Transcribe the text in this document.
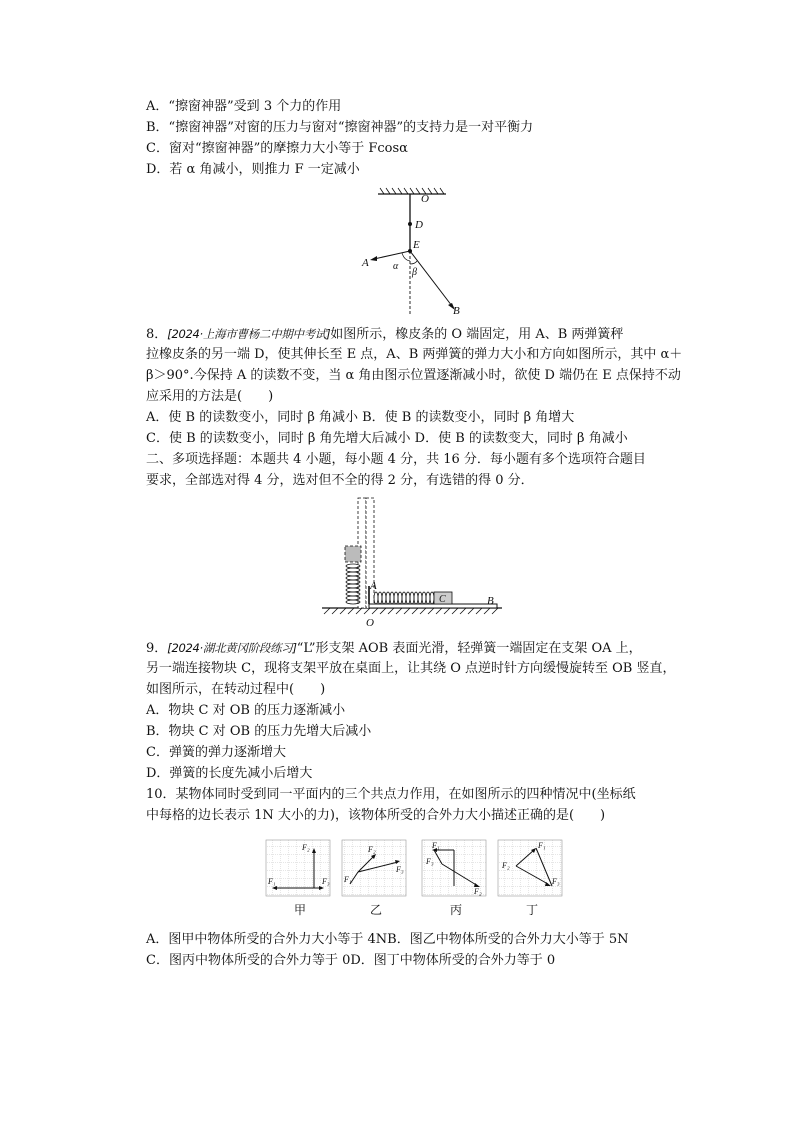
A．“擦窗神器”受到 3 个力的作用
B．“擦窗神器”对窗的压力与窗对“擦窗神器”的支持力是一对平衡力
C．窗对“擦窗神器”的摩擦力大小等于 Fcosα
D．若 α 角减小，则推力 F 一定减小
O
D
E
A
B
α
β
8．[2024·上海市曹杨二中期中考试]如图所示，橡皮条的 O 端固定，用 A、B 两弹簧秤
拉橡皮条的另一端 D，使其伸长至 E 点，A、B 两弹簧的弹力大小和方向如图所示，其中 α＋
β＞90°.今保持 A 的读数不变，当 α 角由图示位置逐渐减小时，欲使 D 端仍在 E 点保持不动
应采用的方法是(　　)
A．使 B 的读数变小，同时 β 角减小 B．使 B 的读数变小，同时 β 角增大
C．使 B 的读数变小，同时 β 角先增大后减小 D．使 B 的读数变大，同时 β 角减小
二、多项选择题：本题共 4 小题，每小题 4 分，共 16 分．每小题有多个选项符合题目
要求，全部选对得 4 分，选对但不全的得 2 分，有选错的得 0 分．
A
C	B
O
9．[2024·湖北黄冈阶段练习]“L”形支架 AOB 表面光滑，轻弹簧一端固定在支架 OA 上，
另一端连接物块 C，现将支架平放在桌面上，让其绕 O 点逆时针方向缓慢旋转至 OB 竖直，
如图所示，在转动过程中(　　)
A．物块 C 对 OB 的压力逐渐减小
B．物块 C 对 OB 的压力先增大后减小
C．弹簧的弹力逐渐增大
D．弹簧的长度先减小后增大
10．某物体同时受到同一平面内的三个共点力作用，在如图所示的四种情况中(坐标纸
中每格的边长表示 1N 大小的力)，该物体所受的合外力大小描述正确的是(　　)
F₁
F₂
F₃ F₁
F₂
F₃
F₁
F₃
F₂
F₁
F₂
F₃
甲	乙	丙	丁
A．图甲中物体所受的合外力大小等于 4NB．图乙中物体所受的合外力大小等于 5N
C．图丙中物体所受的合外力等于 0D．图丁中物体所受的合外力等于 0
